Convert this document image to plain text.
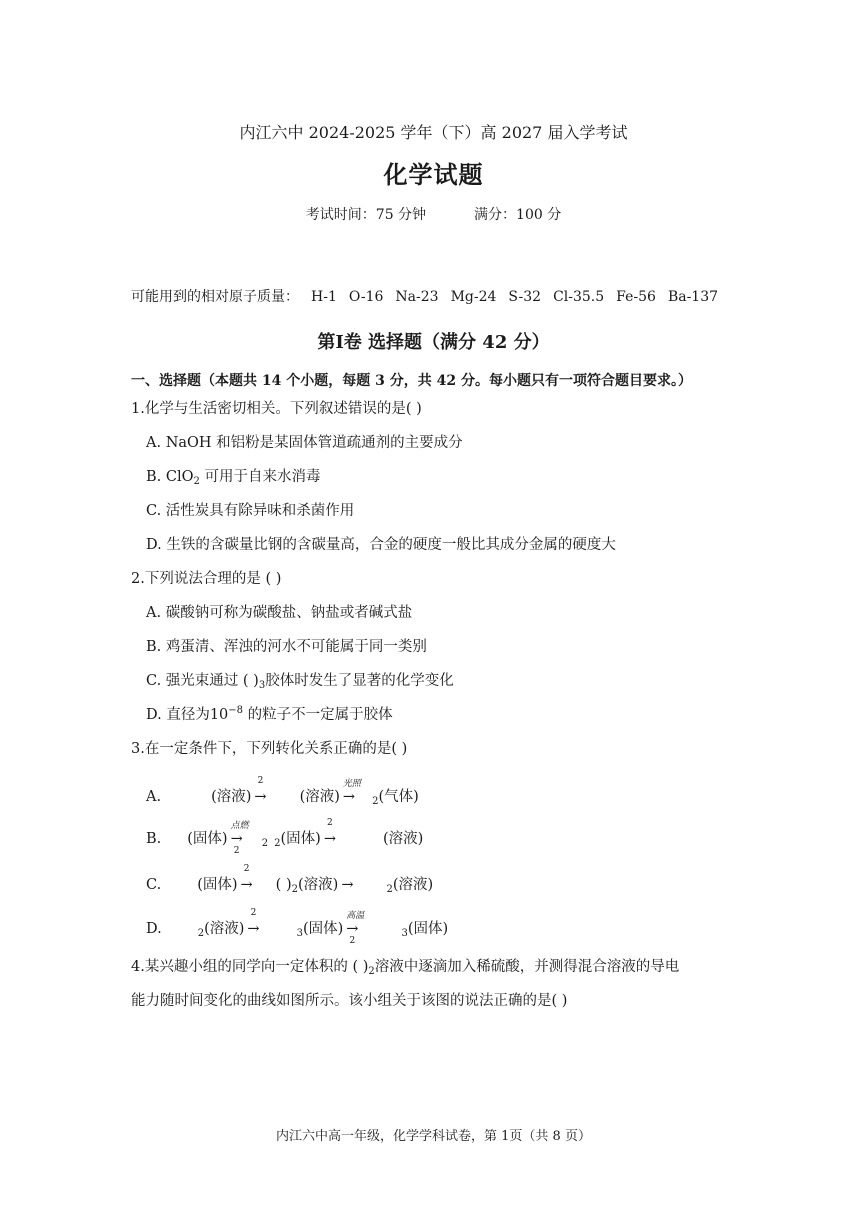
内江六中 2024-2025 学年（下）高 2027 届入学考试
化学试题
考试时间：75 分钟	满分：100 分
可能用到的相对原子质量： H-1 O-16 Na-23 Mg-24 S-32 Cl-35.5 Fe-56 Ba-137
第Ⅰ卷 选择题（满分 42 分）
一、选择题（本题共 14 个小题，每题 3 分，共 42 分。每小题只有一项符合题目要求。）
1.化学与生活密切相关。下列叙述错误的是( )
A. NaOH 和铝粉是某固体管道疏通剂的主要成分
B. ClO$_2$ 可用于自来水消毒
C. 活性炭具有除异味和杀菌作用
D. 生铁的含碳量比钢的含碳量高，合金的硬度一般比其成分金属的硬度大
2.下列说法合理的是 ( )
A. 碳酸钠可称为碳酸盐、钠盐或者碱式盐
B. 鸡蛋清、浑浊的河水不可能属于同一类别
C. 强光束通过 ( )$_3$胶体时发生了显著的化学变化
D. 直径为$10^{-8}$ 的粒子不一定属于胶体
3.在一定条件下，下列转化关系正确的是( )
A.	(溶液)
2
→ (溶液)
光照
→ $_2$(气体)
B. (固体)
点燃
→
2
$_2$ $_2$(固体)
2
→	(溶液)
C. (固体)
2
→ ( )$_2$(溶液) →	$_2$(溶液)
D.	$_2$(溶液)
2
→	$_3$(固体)
高温
→
2
$_3$(固体)
4.某兴趣小组的同学向一定体积的 ( )$_2$溶液中逐滴加入稀硫酸，并测得混合溶液的导电
能力随时间变化的曲线如图所示。该小组关于该图的说法正确的是( )
内江六中高一年级，化学学科试卷，第 1页（共 8 页）
